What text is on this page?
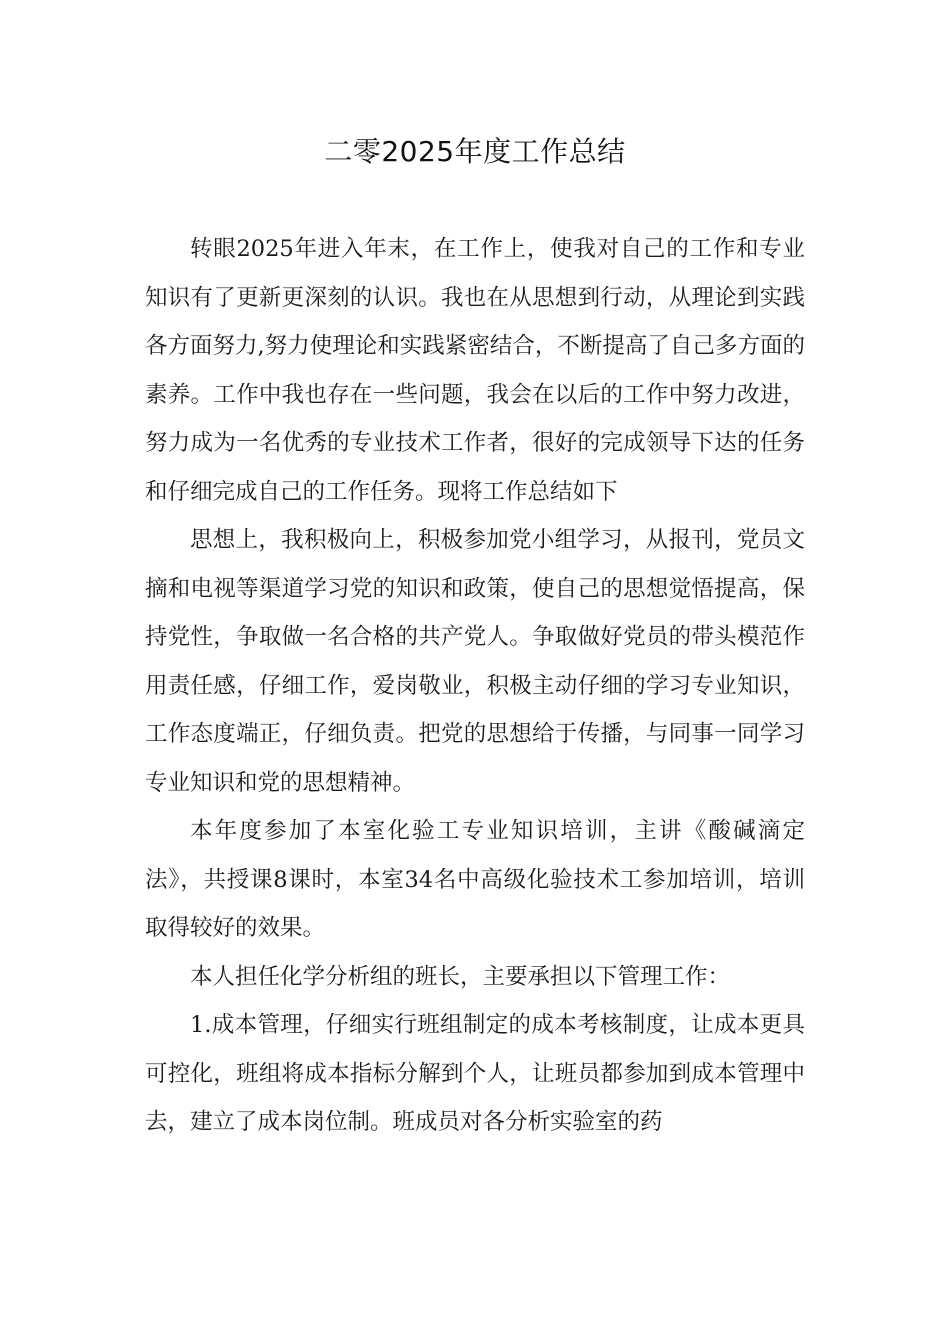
二零2025年度工作总结

转眼2025年进入年末，在工作上，使我对自己的工作和专业知识有了更新更深刻的认识。我也在从思想到行动，从理论到实践各方面努力,努力使理论和实践紧密结合，不断提高了自己多方面的素养。工作中我也存在一些问题，我会在以后的工作中努力改进，努力成为一名优秀的专业技术工作者，很好的完成领导下达的任务和仔细完成自己的工作任务。现将工作总结如下

思想上，我积极向上，积极参加党小组学习，从报刊，党员文摘和电视等渠道学习党的知识和政策，使自己的思想觉悟提高，保持党性，争取做一名合格的共产党人。争取做好党员的带头模范作用责任感，仔细工作，爱岗敬业，积极主动仔细的学习专业知识，工作态度端正，仔细负责。把党的思想给于传播，与同事一同学习专业知识和党的思想精神。

本年度参加了本室化验工专业知识培训，主讲《酸碱滴定法》，共授课8课时，本室34名中高级化验技术工参加培训，培训取得较好的效果。

本人担任化学分析组的班长，主要承担以下管理工作：

1.成本管理，仔细实行班组制定的成本考核制度，让成本更具可控化，班组将成本指标分解到个人，让班员都参加到成本管理中去，建立了成本岗位制。班成员对各分析实验室的药
